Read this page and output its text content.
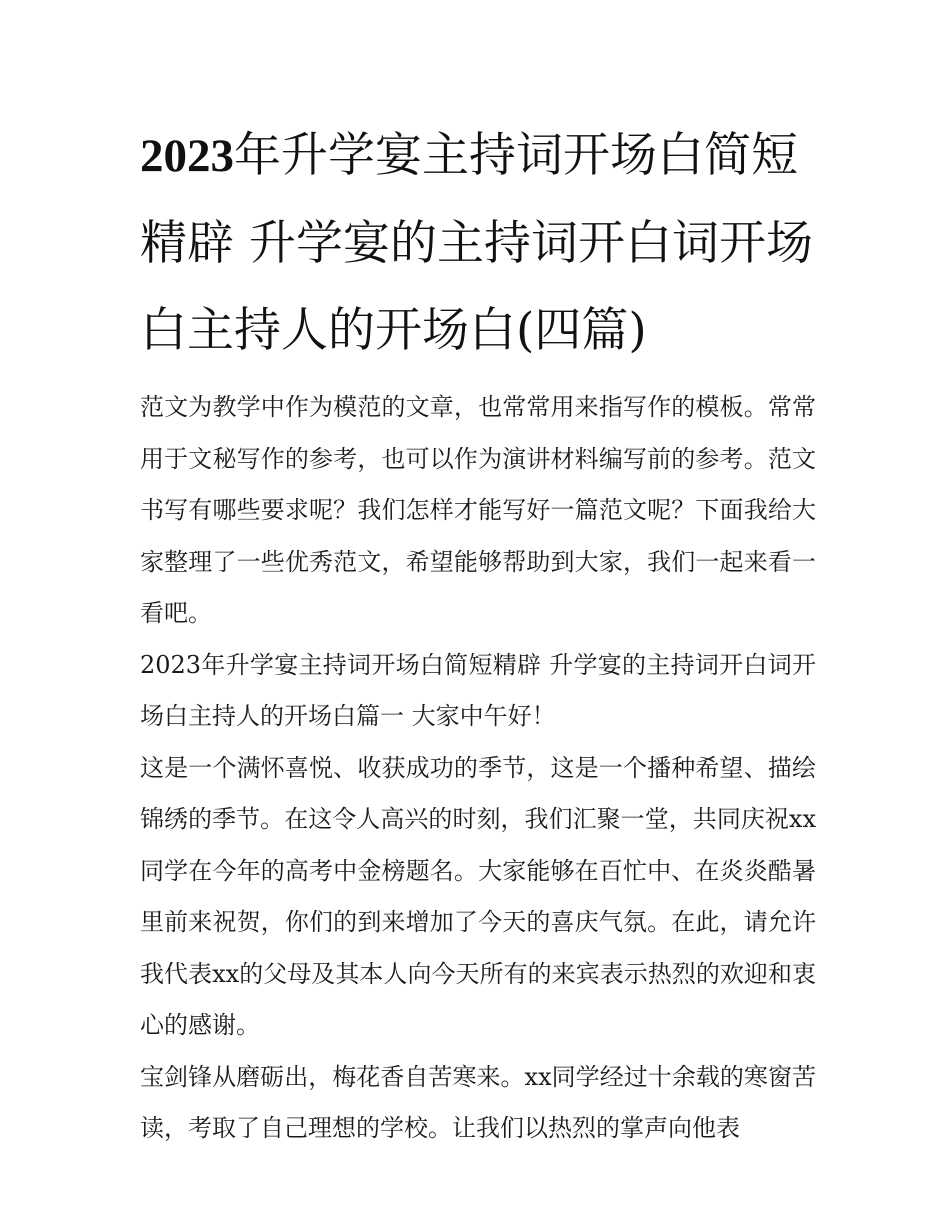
2023年升学宴主持词开场白简短精辟 升学宴的主持词开白词开场白主持人的开场白(四篇)

范文为教学中作为模范的文章，也常常用来指写作的模板。常常用于文秘写作的参考，也可以作为演讲材料编写前的参考。范文书写有哪些要求呢？我们怎样才能写好一篇范文呢？下面我给大家整理了一些优秀范文，希望能够帮助到大家，我们一起来看一看吧。

2023年升学宴主持词开场白简短精辟 升学宴的主持词开白词开场白主持人的开场白篇一 大家中午好！

这是一个满怀喜悦、收获成功的季节，这是一个播种希望、描绘锦绣的季节。在这令人高兴的时刻，我们汇聚一堂，共同庆祝xx同学在今年的高考中金榜题名。大家能够在百忙中、在炎炎酷暑里前来祝贺，你们的到来增加了今天的喜庆气氛。在此，请允许我代表xx的父母及其本人向今天所有的来宾表示热烈的欢迎和衷心的感谢。

宝剑锋从磨砺出，梅花香自苦寒来。xx同学经过十余载的寒窗苦读，考取了自己理想的学校。让我们以热烈的掌声向他表
